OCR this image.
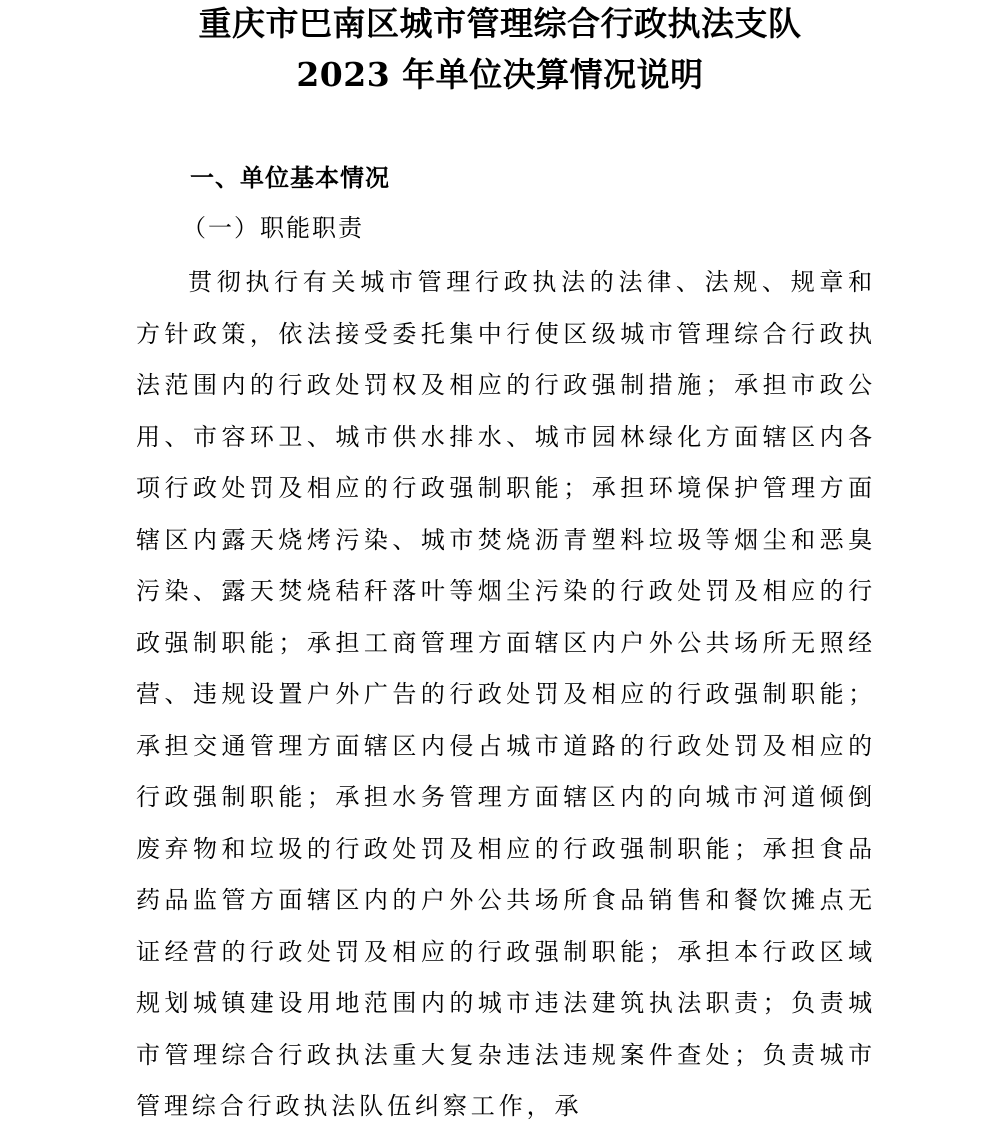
重庆市巴南区城市管理综合行政执法支队
2023 年单位决算情况说明
一、单位基本情况
（一）职能职责

贯彻执行有关城市管理行政执法的法律、法规、规章和方针政策，依法接受委托集中行使区级城市管理综合行政执法范围内的行政处罚权及相应的行政强制措施；承担市政公用、市容环卫、城市供水排水、城市园林绿化方面辖区内各项行政处罚及相应的行政强制职能；承担环境保护管理方面辖区内露天烧烤污染、城市焚烧沥青塑料垃圾等烟尘和恶臭污染、露天焚烧秸秆落叶等烟尘污染的行政处罚及相应的行政强制职能；承担工商管理方面辖区内户外公共场所无照经营、违规设置户外广告的行政处罚及相应的行政强制职能；承担交通管理方面辖区内侵占城市道路的行政处罚及相应的行政强制职能；承担水务管理方面辖区内的向城市河道倾倒废弃物和垃圾的行政处罚及相应的行政强制职能；承担食品药品监管方面辖区内的户外公共场所食品销售和餐饮摊点无证经营的行政处罚及相应的行政强制职能；承担本行政区域规划城镇建设用地范围内的城市违法建筑执法职责；负责城市管理综合行政执法重大复杂违法违规案件查处；负责城市管理综合行政执法队伍纠察工作，承
